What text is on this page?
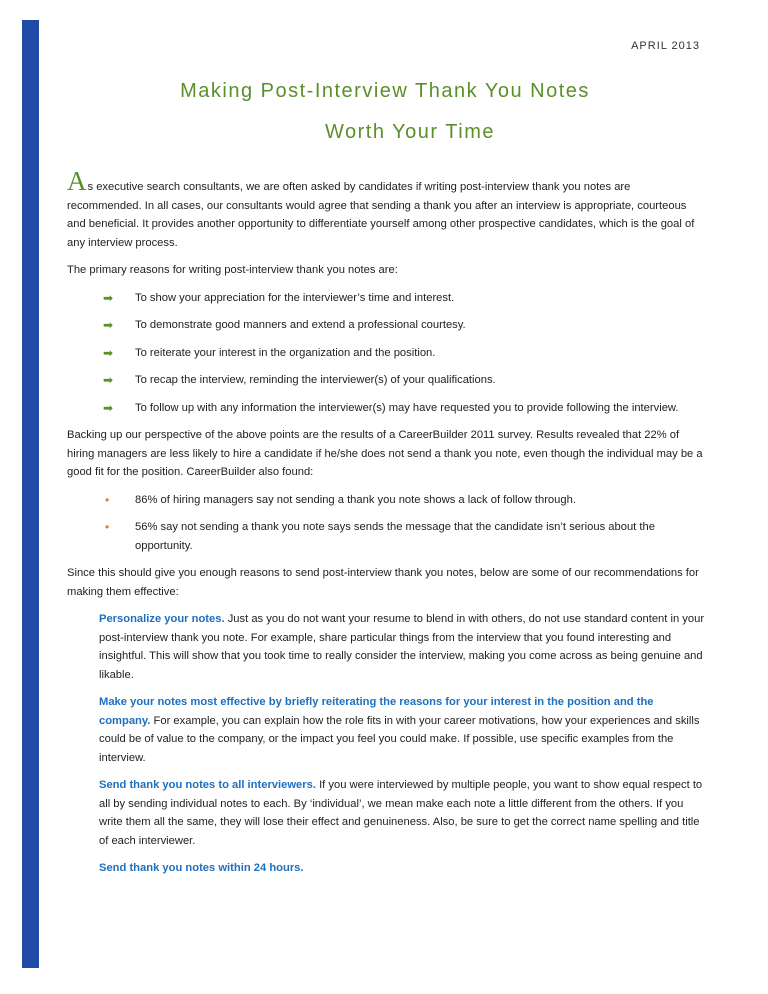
APRIL 2013
Making Post-Interview Thank You Notes
Worth Your Time

As executive search consultants, we are often asked by candidates if writing post-interview thank you notes are recommended. In all cases, our consultants would agree that sending a thank you after an interview is appropriate, courteous and beneficial. It provides another opportunity to differentiate yourself among other prospective candidates, which is the goal of any interview process.

The primary reasons for writing post-interview thank you notes are:

➡ To show your appreciation for the interviewer’s time and interest.
➡ To demonstrate good manners and extend a professional courtesy.
➡ To reiterate your interest in the organization and the position.
➡ To recap the interview, reminding the interviewer(s) of your qualifications.
➡ To follow up with any information the interviewer(s) may have requested you to provide following the interview.

Backing up our perspective of the above points are the results of a CareerBuilder 2011 survey. Results revealed that 22% of hiring managers are less likely to hire a candidate if he/she does not send a thank you note, even though the individual may be a good fit for the position. CareerBuilder also found:

• 86% of hiring managers say not sending a thank you note shows a lack of follow through.
• 56% say not sending a thank you note says sends the message that the candidate isn’t serious about the opportunity.

Since this should give you enough reasons to send post-interview thank you notes, below are some of our recommendations for making them effective:

Personalize your notes. Just as you do not want your resume to blend in with others, do not use standard content in your post-interview thank you note. For example, share particular things from the interview that you found interesting and insightful. This will show that you took time to really consider the interview, making you come across as being genuine and likable.

Make your notes most effective by briefly reiterating the reasons for your interest in the position and the company. For example, you can explain how the role fits in with your career motivations, how your experiences and skills could be of value to the company, or the impact you feel you could make. If possible, use specific examples from the interview.

Send thank you notes to all interviewers. If you were interviewed by multiple people, you want to show equal respect to all by sending individual notes to each. By ‘individual’, we mean make each note a little different from the others. If you write them all the same, they will lose their effect and genuineness. Also, be sure to get the correct name spelling and title of each interviewer.

Send thank you notes within 24 hours.
